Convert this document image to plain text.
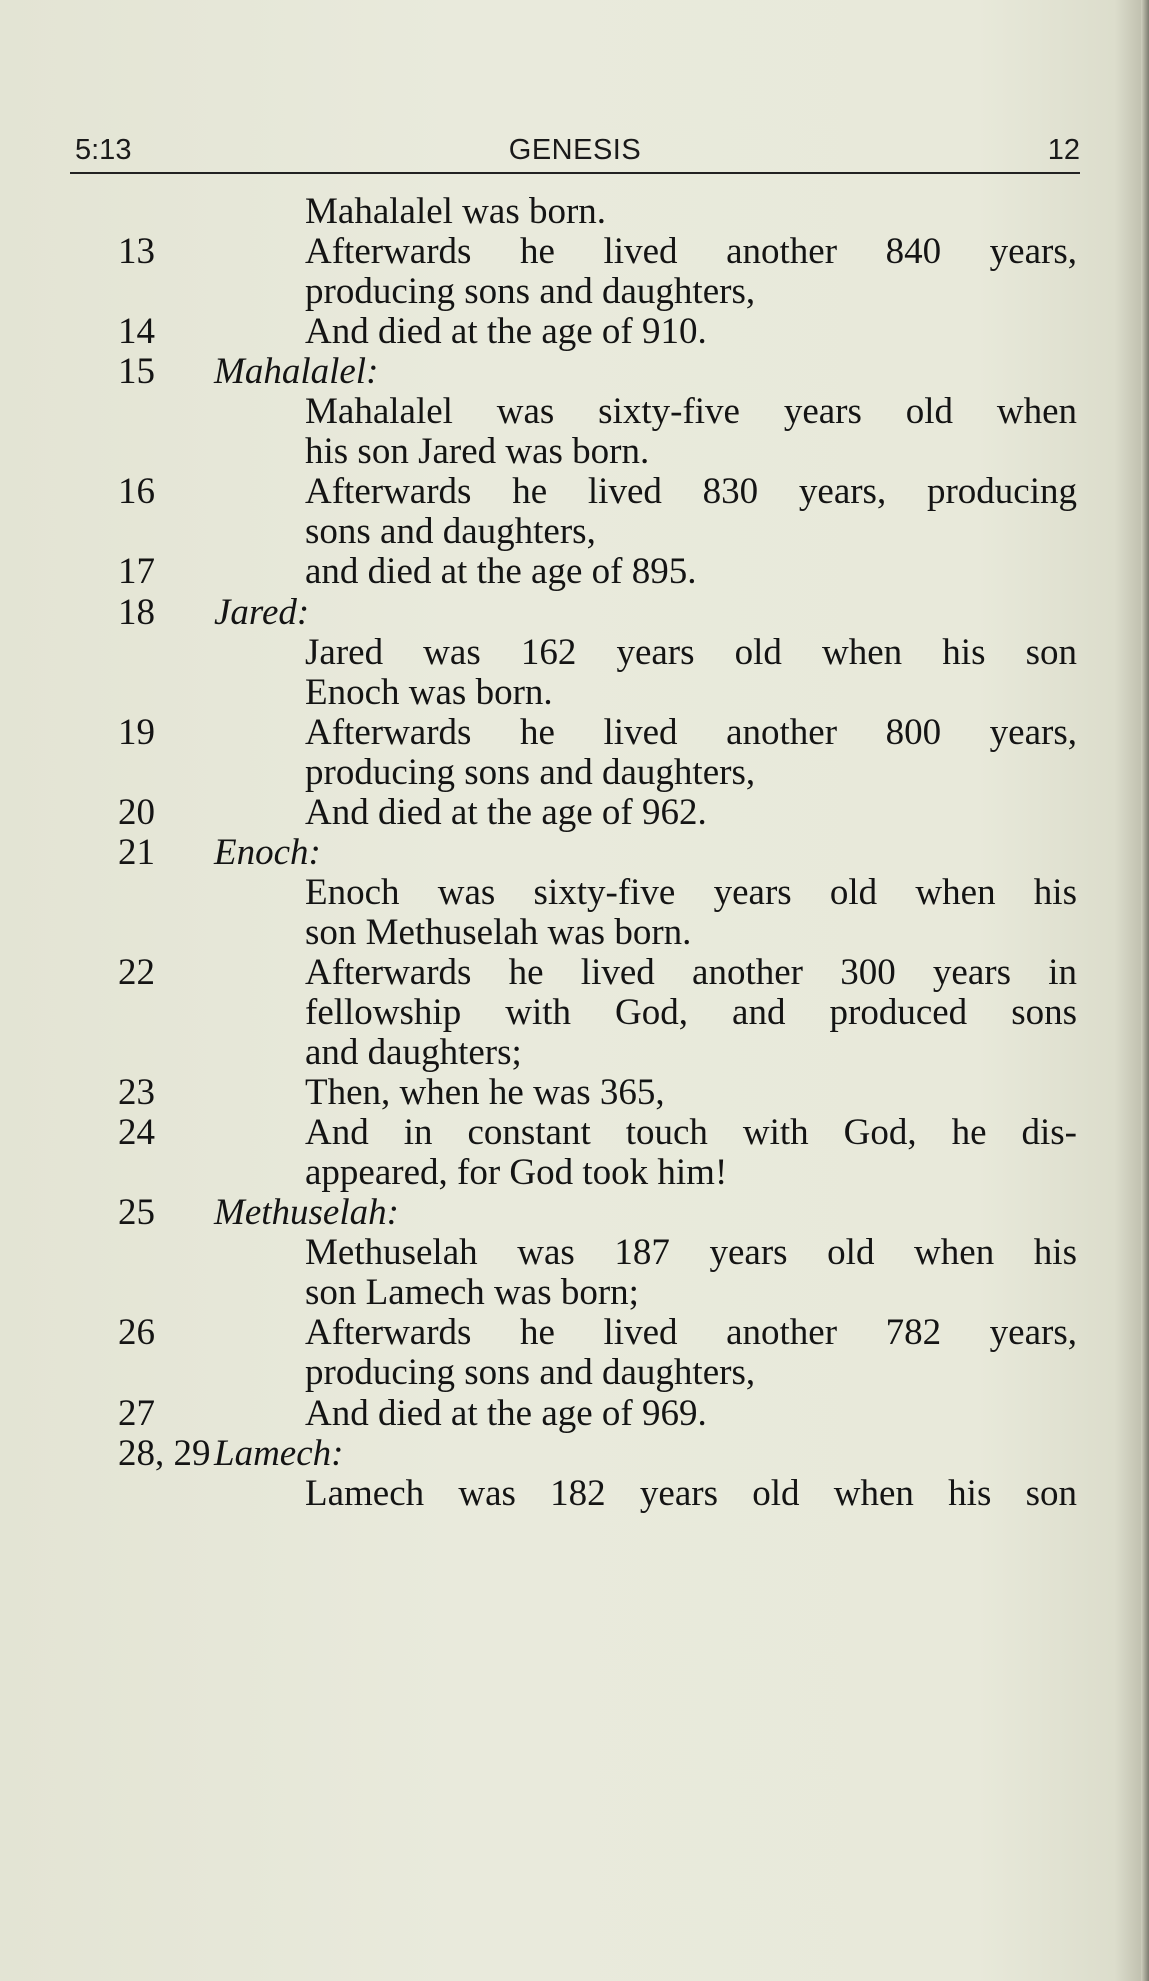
5:13	GENESIS	12
Mahalalel was born.
13	Afterwards he lived another 840 years,
producing sons and daughters,
14	And died at the age of 910.
15 Mahalalel:
Mahalalel was sixty-five years old when
his son Jared was born.
16	Afterwards he lived 830 years, producing
sons and daughters,
17	and died at the age of 895.
18 Jared:
Jared was 162 years old when his son
Enoch was born.
19	Afterwards he lived another 800 years,
producing sons and daughters,
20	And died at the age of 962.
21 Enoch:
Enoch was sixty-five years old when his
son Methuselah was born.
22	Afterwards he lived another 300 years in
fellowship with God, and produced sons
and daughters;
23	Then, when he was 365,
24	And in constant touch with God, he dis-
appeared, for God took him!
25 Methuselah:
Methuselah was 187 years old when his
son Lamech was born;
26	Afterwards he lived another 782 years,
producing sons and daughters,
27	And died at the age of 969.
28, 29 Lamech:
Lamech was 182 years old when his son
